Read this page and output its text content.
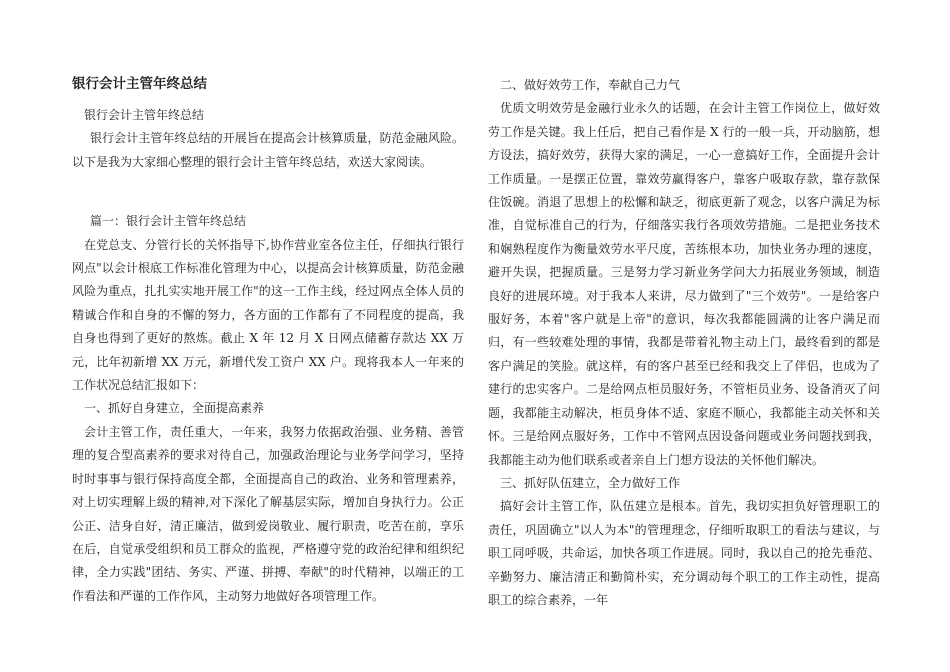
银行会计主管年终总结

银行会计主管年终总结

银行会计主管年终总结的开展旨在提高会计核算质量，防范金融风险。以下是我为大家细心整理的银行会计主管年终总结，欢送大家阅读。

篇一：银行会计主管年终总结

在党总支、分管行长的关怀指导下,协作营业室各位主任，仔细执行银行网点"以会计根底工作标准化管理为中心，以提高会计核算质量，防范金融风险为重点，扎扎实实地开展工作"的这一工作主线，经过网点全体人员的精诚合作和自身的不懈的努力，各方面的工作都有了不同程度的提高，我自身也得到了更好的熬炼。截止 X 年 12 月 X 日网点储蓄存款达 XX 万元，比年初新增 XX 万元，新增代发工资户 XX 户。现将我本人一年来的工作状况总结汇报如下：

一、抓好自身建立，全面提高素养

会计主管工作，责任重大，一年来，我努力依据政治强、业务精、善管理的复合型高素养的要求对待自己，加强政治理论与业务学问学习，坚持时时事事与银行保持高度全都，全面提高自己的政治、业务和管理素养，对上切实理解上级的精神,对下深化了解基层实际，增加自身执行力。公正公正、洁身自好，清正廉洁，做到爱岗敬业、履行职责，吃苦在前，享乐在后，自觉承受组织和员工群众的监视，严格遵守党的政治纪律和组织纪律，全力实践"团结、务实、严谨、拼搏、奉献"的时代精神，以端正的工作看法和严谨的工作作风，主动努力地做好各项管理工作。

二、做好效劳工作，奉献自己力气

优质文明效劳是金融行业永久的话题，在会计主管工作岗位上，做好效劳工作是关键。我上任后，把自己看作是 X 行的一般一兵，开动脑筋，想方设法，搞好效劳，获得大家的满足，一心一意搞好工作，全面提升会计工作质量。一是摆正位置，靠效劳赢得客户，靠客户吸取存款，靠存款保住饭碗。消退了思想上的松懈和缺乏，彻底更新了观念，以客户满足为标准，自觉标准自己的行为，仔细落实我行各项效劳措施。二是把业务技术和娴熟程度作为衡量效劳水平尺度，苦练根本功，加快业务办理的速度，避开失误，把握质量。三是努力学习新业务学问大力拓展业务领域，制造良好的进展环境。对于我本人来讲，尽力做到了"三个效劳"。一是给客户服好务，本着"客户就是上帝"的意识，每次我都能圆满的让客户满足而归，有一些较难处理的事情，我都是带着礼物主动上门，最终看到的都是客户满足的笑脸。就这样，有的客户甚至已经和我交上了伴侣，也成为了建行的忠实客户。二是给网点柜员服好务，不管柜员业务、设备消灭了问题，我都能主动解决，柜员身体不适、家庭不顺心，我都能主动关怀和关怀。三是给网点服好务，工作中不管网点因设备问题或业务问题找到我，我都能主动为他们联系或者亲自上门想方设法的关怀他们解决。

三、抓好队伍建立，全力做好工作

搞好会计主管工作，队伍建立是根本。首先，我切实担负好管理职工的责任，巩固确立"以人为本"的管理理念，仔细听取职工的看法与建议，与职工同呼吸，共命运，加快各项工作进展。同时，我以自己的抢先垂范、辛勤努力、廉洁清正和勤简朴实，充分调动每个职工的工作主动性，提高职工的综合素养，一年
